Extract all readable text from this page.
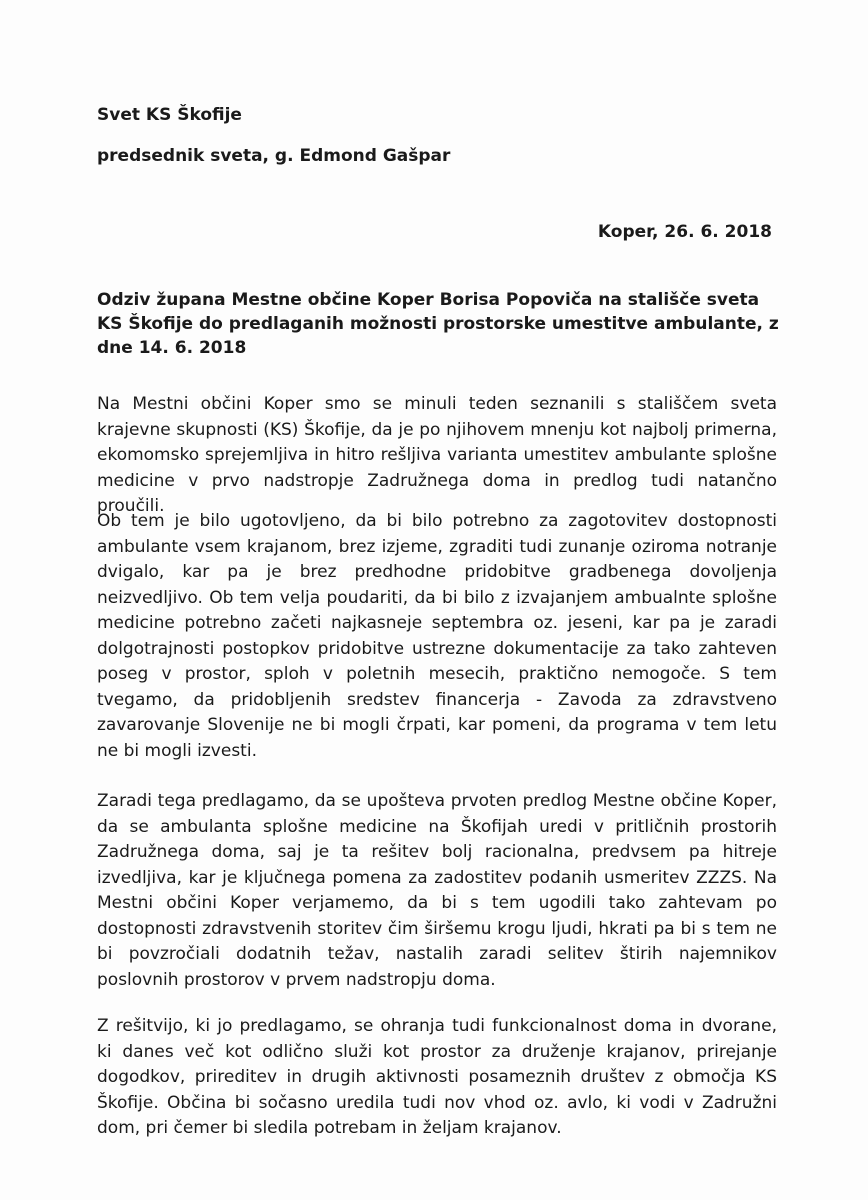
Svet KS Škofije
predsednik sveta, g. Edmond Gašpar
Koper, 26. 6. 2018
Odziv župana Mestne občine Koper Borisa Popoviča na stališče sveta KS Škofije do predlaganih možnosti prostorske umestitve ambulante, z dne 14. 6. 2018
Na Mestni občini Koper smo se minuli teden seznanili s stališčem sveta krajevne skupnosti (KS) Škofije, da je po njihovem mnenju kot najbolj primerna, ekomomsko sprejemljiva in hitro rešljiva varianta umestitev ambulante splošne medicine v prvo nadstropje Zadružnega doma in predlog tudi natančno proučili.
Ob tem je bilo ugotovljeno, da bi bilo potrebno za zagotovitev dostopnosti ambulante vsem krajanom, brez izjeme, zgraditi tudi zunanje oziroma notranje dvigalo, kar pa je brez predhodne pridobitve gradbenega dovoljenja neizvedljivo. Ob tem velja poudariti, da bi bilo z izvajanjem ambualnte splošne medicine potrebno začeti najkasneje septembra oz. jeseni, kar pa je zaradi dolgotrajnosti postopkov pridobitve ustrezne dokumentacije za tako zahteven poseg v prostor, sploh v poletnih mesecih, praktično nemogoče. S tem tvegamo, da pridobljenih sredstev financerja - Zavoda za zdravstveno zavarovanje Slovenije ne bi mogli črpati, kar pomeni, da programa v tem letu ne bi mogli izvesti.
Zaradi tega predlagamo, da se upošteva prvoten predlog Mestne občine Koper, da se ambulanta splošne medicine na Škofijah uredi v pritličnih prostorih Zadružnega doma, saj je ta rešitev bolj racionalna, predvsem pa hitreje izvedljiva, kar je ključnega pomena za zadostitev podanih usmeritev ZZZS. Na Mestni občini Koper verjamemo, da bi s tem ugodili tako zahtevam po dostopnosti zdravstvenih storitev čim širšemu krogu ljudi, hkrati pa bi s tem ne bi povzročiali dodatnih težav, nastalih zaradi selitev štirih najemnikov poslovnih prostorov v prvem nadstropju doma.
Z rešitvijo, ki jo predlagamo, se ohranja tudi funkcionalnost doma in dvorane, ki danes več kot odlično služi kot prostor za druženje krajanov, prirejanje dogodkov, prireditev in drugih aktivnosti posameznih društev z območja KS Škofije. Občina bi sočasno uredila tudi nov vhod oz. avlo, ki vodi v Zadružni dom, pri čemer bi sledila potrebam in željam krajanov.
